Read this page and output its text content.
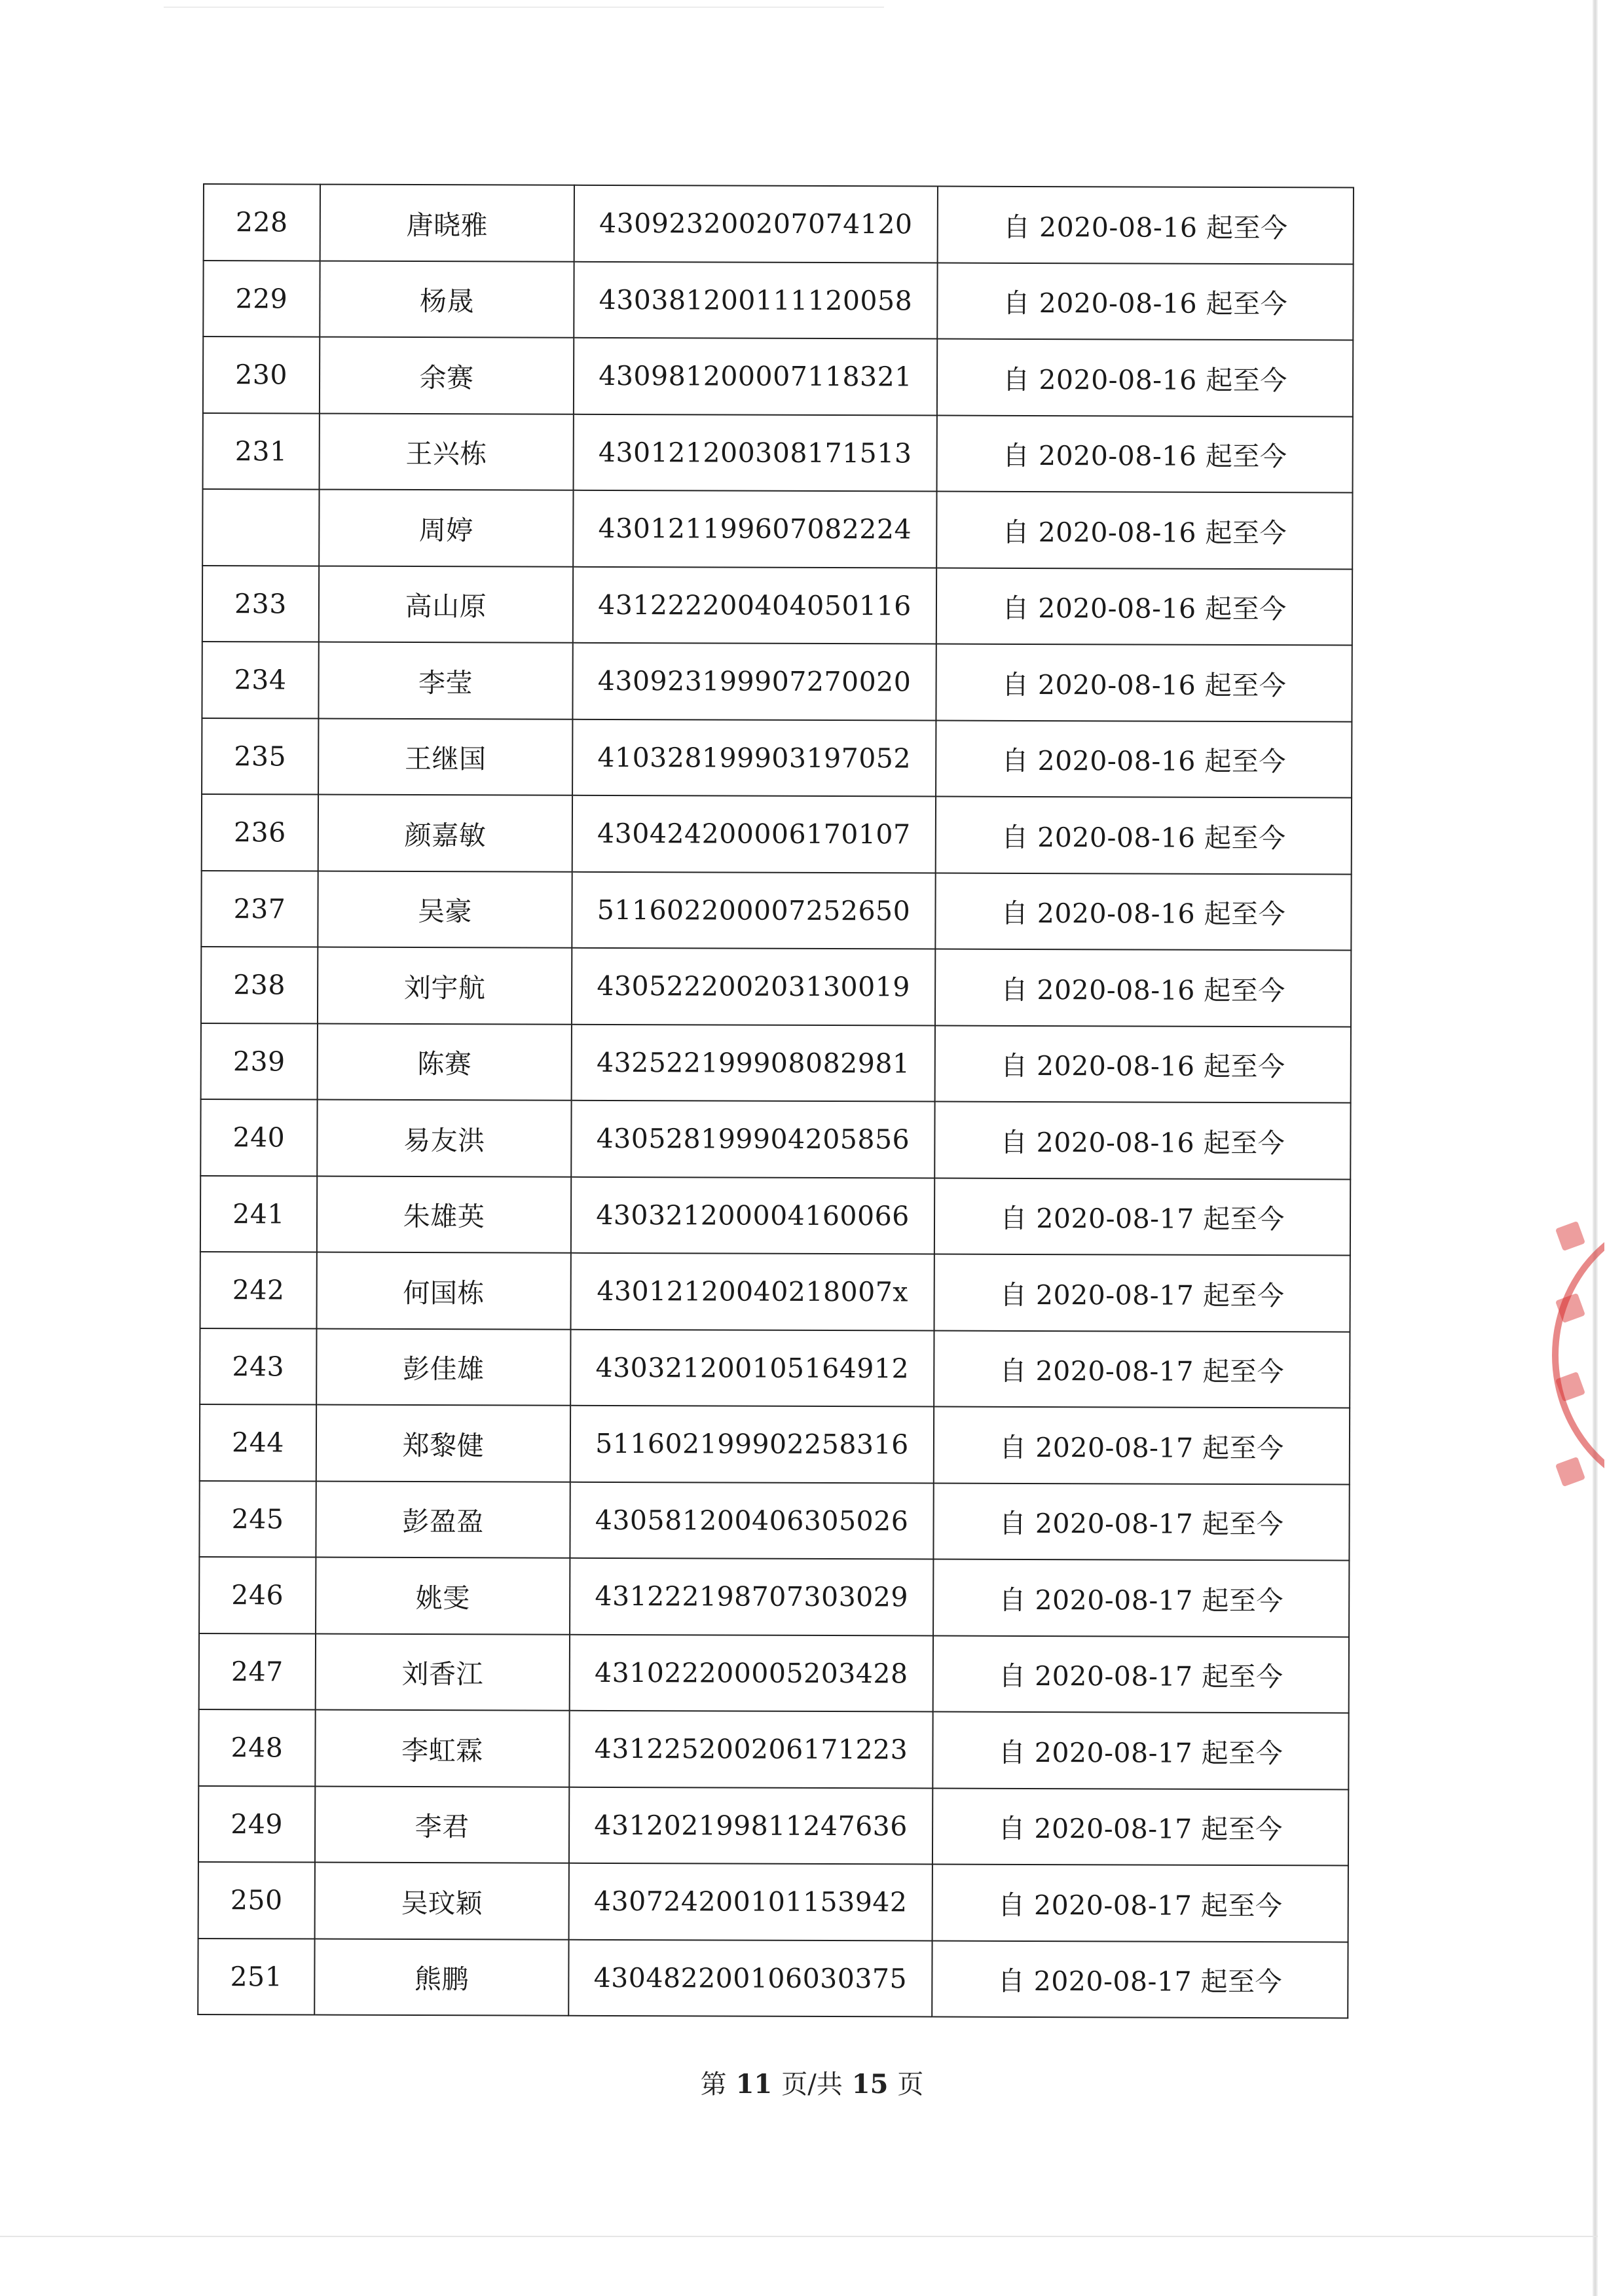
228	唐晓雅	430923200207074120	自 2020-08-16 起至今
229	杨晟	430381200111120058	自 2020-08-16 起至今
230	余赛	430981200007118321	自 2020-08-16 起至今
231	王兴栋	430121200308171513	自 2020-08-16 起至今
	周婷	430121199607082224	自 2020-08-16 起至今
233	高山原	431222200404050116	自 2020-08-16 起至今
234	李莹	430923199907270020	自 2020-08-16 起至今
235	王继国	410328199903197052	自 2020-08-16 起至今
236	颜嘉敏	430424200006170107	自 2020-08-16 起至今
237	吴豪	511602200007252650	自 2020-08-16 起至今
238	刘宇航	430522200203130019	自 2020-08-16 起至今
239	陈赛	432522199908082981	自 2020-08-16 起至今
240	易友洪	430528199904205856	自 2020-08-16 起至今
241	朱雄英	430321200004160066	自 2020-08-17 起至今
242	何国栋	43012120040218007x	自 2020-08-17 起至今
243	彭佳雄	430321200105164912	自 2020-08-17 起至今
244	郑黎健	511602199902258316	自 2020-08-17 起至今
245	彭盈盈	430581200406305026	自 2020-08-17 起至今
246	姚雯	431222198707303029	自 2020-08-17 起至今
247	刘香江	431022200005203428	自 2020-08-17 起至今
248	李虹霖	431225200206171223	自 2020-08-17 起至今
249	李君	431202199811247636	自 2020-08-17 起至今
250	吴玟颖	430724200101153942	自 2020-08-17 起至今
251	熊鹏	430482200106030375	自 2020-08-17 起至今
第 11 页/共 15 页
